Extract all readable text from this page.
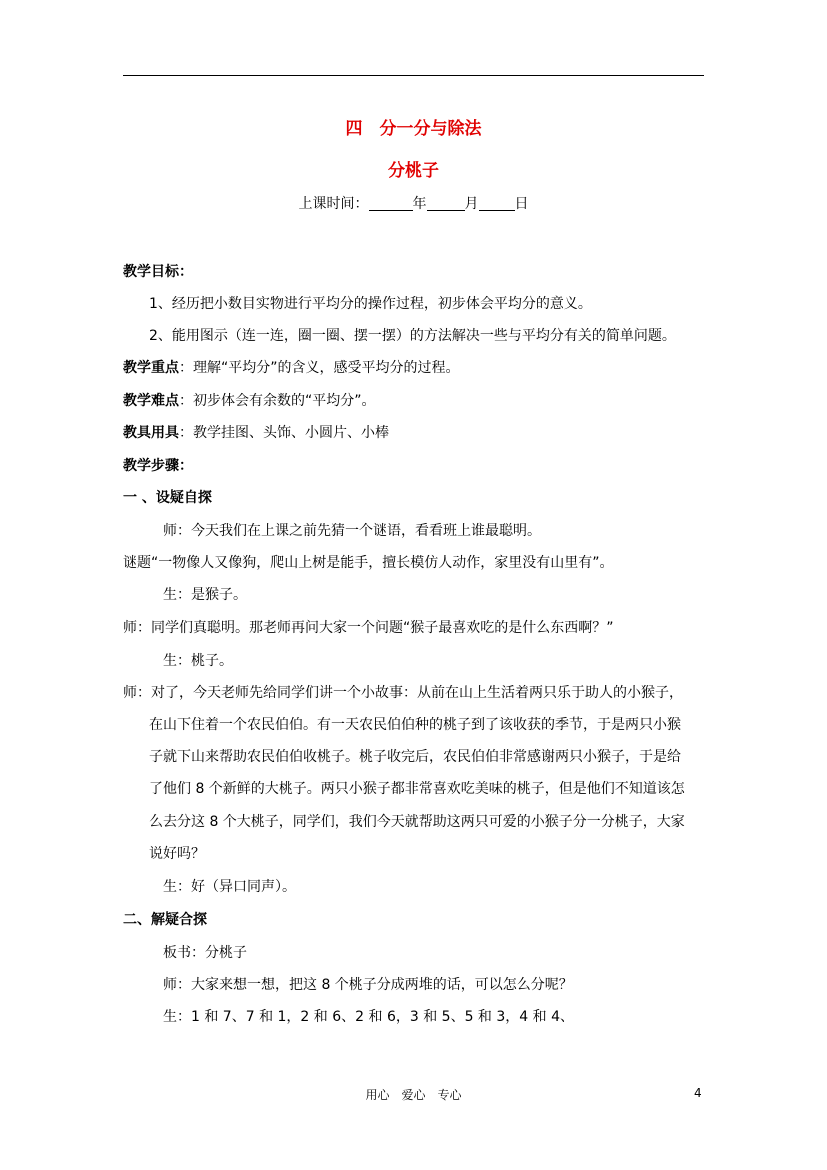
四　分一分与除法
分桃子
上课时间：	年	月	日
教学目标：
1、经历把小数目实物进行平均分的操作过程，初步体会平均分的意义。
2、能用图示（连一连，圈一圈、摆一摆）的方法解决一些与平均分有关的简单问题。
教学重点：理解“平均分”的含义，感受平均分的过程。
教学难点：初步体会有余数的“平均分”。
教具用具：教学挂图、头饰、小圆片、小棒
教学步骤：
一 、设疑自探
师：今天我们在上课之前先猜一个谜语，看看班上谁最聪明。
谜题“一物像人又像狗，爬山上树是能手，擅长模仿人动作，家里没有山里有”。
生：是猴子。
师：同学们真聪明。那老师再问大家一个问题“猴子最喜欢吃的是什么东西啊？”
生：桃子。
师：对了，今天老师先给同学们讲一个小故事：从前在山上生活着两只乐于助人的小猴子，
在山下住着一个农民伯伯。有一天农民伯伯种的桃子到了该收获的季节，于是两只小猴
子就下山来帮助农民伯伯收桃子。桃子收完后，农民伯伯非常感谢两只小猴子，于是给
了他们 8 个新鲜的大桃子。两只小猴子都非常喜欢吃美味的桃子，但是他们不知道该怎
么去分这 8 个大桃子，同学们，我们今天就帮助这两只可爱的小猴子分一分桃子，大家
说好吗？
生：好（异口同声）。
二、解疑合探
板书：分桃子
师：大家来想一想，把这 8 个桃子分成两堆的话，可以怎么分呢？
生：1 和 7、7 和 1，2 和 6、2 和 6，3 和 5、5 和 3，4 和 4、
用心　爱心　专心	4
